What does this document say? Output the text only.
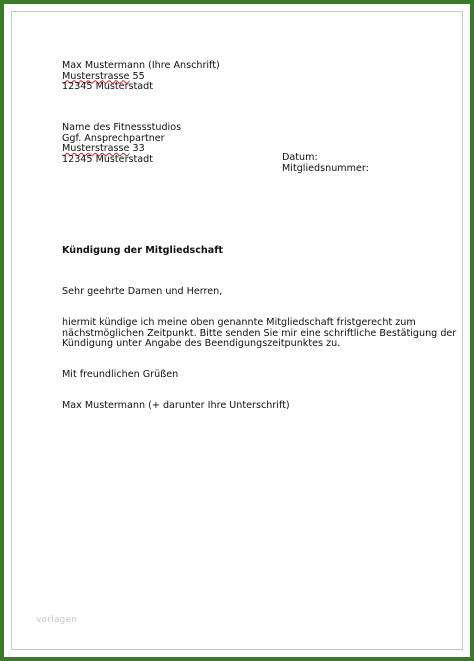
Max Mustermann (Ihre Anschrift)
Musterstrasse 55
12345 Musterstadt
Name des Fitnessstudios
Ggf. Ansprechpartner
Musterstrasse 33
12345 Musterstadt	Datum:
Mitgliedsnummer:
Kündigung der Mitgliedschaft
Sehr geehrte Damen und Herren,
hiermit kündige ich meine oben genannte Mitgliedschaft fristgerecht zum
nächstmöglichen Zeitpunkt. Bitte senden Sie mir eine schriftliche Bestätigung der
Kündigung unter Angabe des Beendigungszeitpunktes zu.
Mit freundlichen Grüßen
Max Mustermann (+ darunter Ihre Unterschrift)
vorlagen
